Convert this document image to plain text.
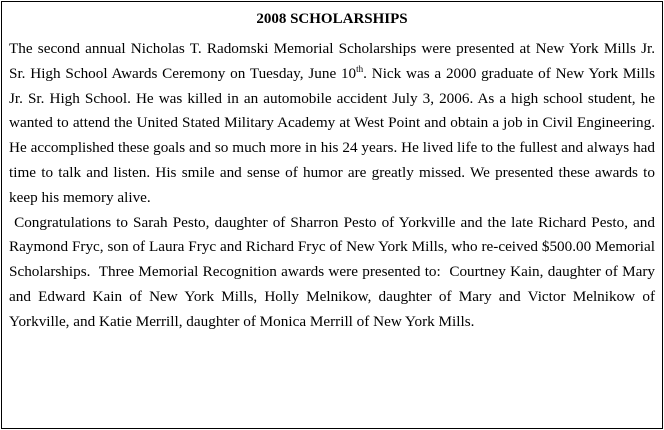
2008 SCHOLARSHIPS

The second annual Nicholas T. Radomski Memorial Scholarships were presented at New York Mills Jr. Sr. High School Awards Ceremony on Tuesday, June 10th. Nick was a 2000 graduate of New York Mills Jr. Sr. High School. He was killed in an automobile accident July 3, 2006. As a high school student, he wanted to attend the United Stated Military Academy at West Point and obtain a job in Civil Engineering. He accomplished these goals and so much more in his 24 years. He lived life to the fullest and always had time to talk and listen. His smile and sense of humor are greatly missed. We presented these awards to keep his memory alive.

Congratulations to Sarah Pesto, daughter of Sharron Pesto of Yorkville and the late Richard Pesto, and Raymond Fryc, son of Laura Fryc and Richard Fryc of New York Mills, who re-ceived $500.00 Memorial Scholarships.  Three Memorial Recognition awards were presented to:  Courtney Kain, daughter of Mary and Edward Kain of New York Mills, Holly Melnikow, daughter of Mary and Victor Melnikow of Yorkville, and Katie Merrill, daughter of Monica Merrill of New York Mills.
